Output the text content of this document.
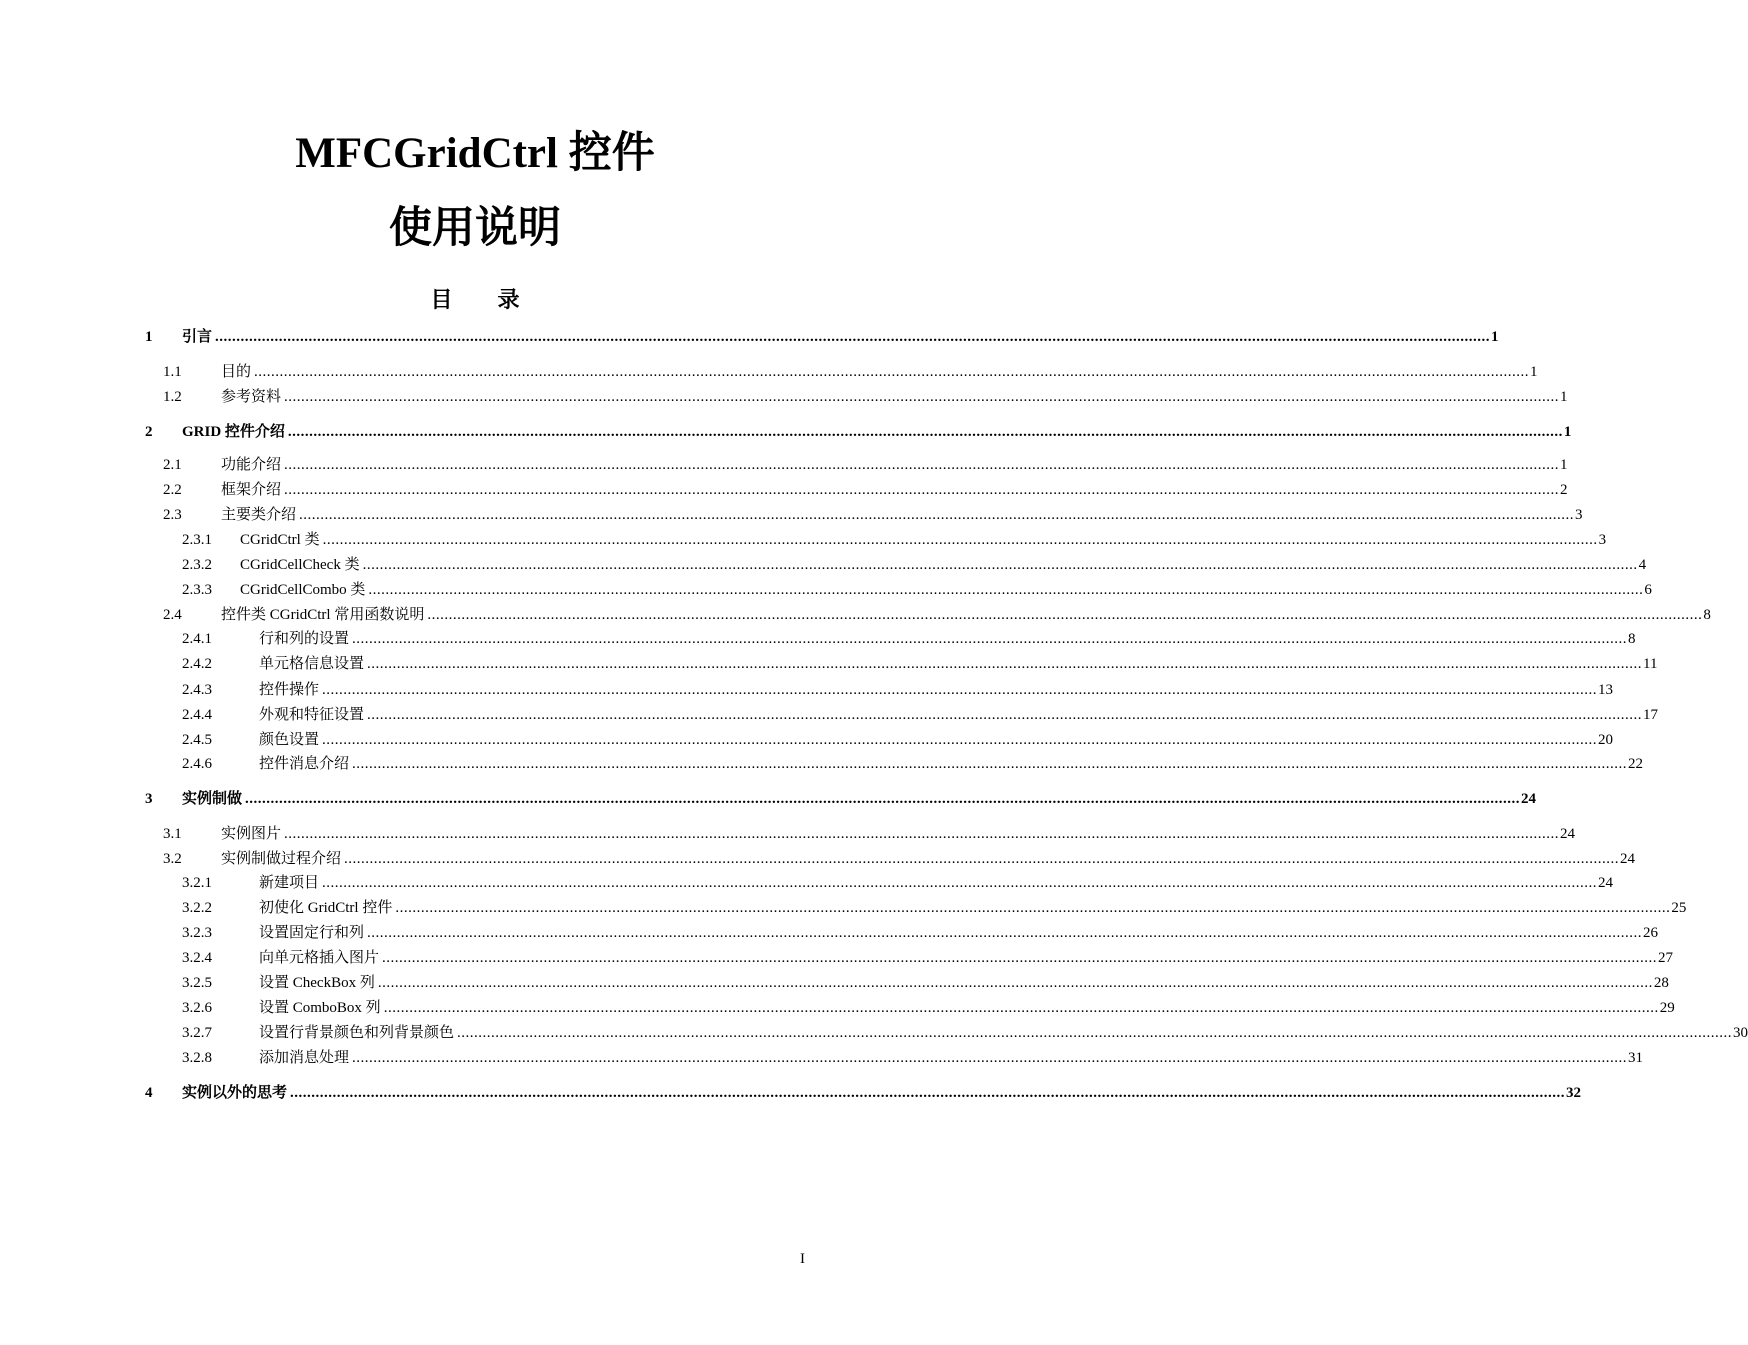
MFCGridCtrl 控件
使用说明
目 录
1 引言 ............................................................................................................................................................................................................................................................................................................ 1
1.1	目的 ............................................................................................................................................................................................................................................................................................................ 1
1.2	参考资料 ............................................................................................................................................................................................................................................................................................................ 1
2 GRID 控件介绍 ............................................................................................................................................................................................................................................................................................................ 1
2.1	功能介绍 ............................................................................................................................................................................................................................................................................................................ 1
2.2	框架介绍 ............................................................................................................................................................................................................................................................................................................ 2
2.3	主要类介绍 ............................................................................................................................................................................................................................................................................................................ 3
2.3.1 CGridCtrl 类 ............................................................................................................................................................................................................................................................................................................ 3
2.3.2 CGridCellCheck 类 ............................................................................................................................................................................................................................................................................................................ 4
2.3.3 CGridCellCombo 类 ............................................................................................................................................................................................................................................................................................................ 6
2.4	控件类 CGridCtrl 常用函数说明 ............................................................................................................................................................................................................................................................................................................ 8
2.4.1	行和列的设置 ............................................................................................................................................................................................................................................................................................................ 8
2.4.2	单元格信息设置 ............................................................................................................................................................................................................................................................................................................ 11
2.4.3	控件操作 ............................................................................................................................................................................................................................................................................................................ 13
2.4.4	外观和特征设置 ............................................................................................................................................................................................................................................................................................................ 17
2.4.5	颜色设置 ............................................................................................................................................................................................................................................................................................................ 20
2.4.6	控件消息介绍 ............................................................................................................................................................................................................................................................................................................ 22
3 实例制做 ............................................................................................................................................................................................................................................................................................................ 24
3.1	实例图片 ............................................................................................................................................................................................................................................................................................................ 24
3.2	实例制做过程介绍 ............................................................................................................................................................................................................................................................................................................ 24
3.2.1	新建项目 ............................................................................................................................................................................................................................................................................................................ 24
3.2.2	初使化 GridCtrl 控件 ............................................................................................................................................................................................................................................................................................................ 25
3.2.3	设置固定行和列 ............................................................................................................................................................................................................................................................................................................ 26
3.2.4	向单元格插入图片 ............................................................................................................................................................................................................................................................................................................ 27
3.2.5	设置 CheckBox 列 ............................................................................................................................................................................................................................................................................................................ 28
3.2.6	设置 ComboBox 列 ............................................................................................................................................................................................................................................................................................................ 29
3.2.7	设置行背景颜色和列背景颜色 ............................................................................................................................................................................................................................................................................................................ 30
3.2.8	添加消息处理 ............................................................................................................................................................................................................................................................................................................ 31
4 实例以外的思考 ............................................................................................................................................................................................................................................................................................................ 32
I
